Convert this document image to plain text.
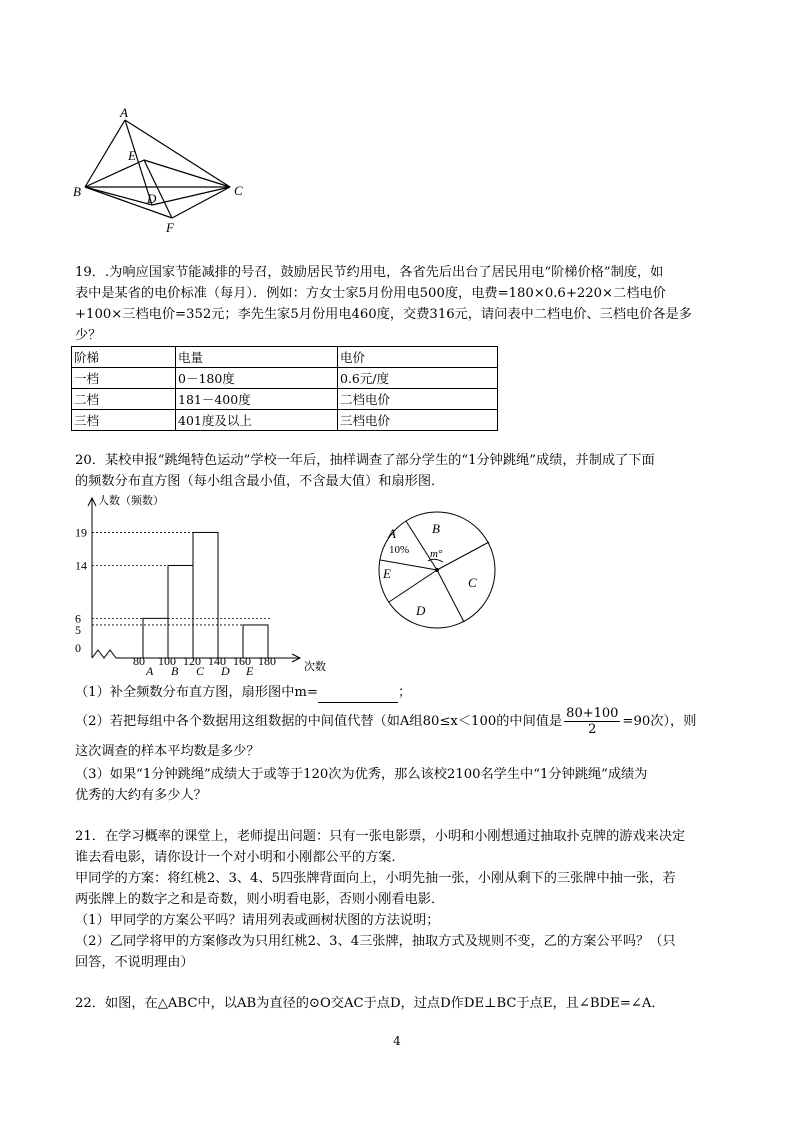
A
E
B	D
C
F
19．.为响应国家节能减排的号召，鼓励居民节约用电，各省先后出台了居民用电“阶梯价格”制度，如
表中是某省的电价标准（每月）．例如：方女士家5月份用电500度，电费=180×0.6+220×二档电价
+100×三档电价=352元；李先生家5月份用电460度，交费316元，请问表中二档电价、三档电价各是多
少？
阶梯	电量	电价
一档	0－180度	0.6元/度
二档	181－400度	二档电价
三档	401度及以上	三档电价
20．某校申报“跳绳特色运动”学校一年后，抽样调查了部分学生的“1分钟跳绳”成绩，并制成了下面
的频数分布直方图（每小组含最小值，不含最大值）和扇形图．
人数（频数）
次数
0
5
6
14
19
80 100 120 140 160 180
A B C D E
A	B
C
D
E
10% m°
（1）补全频数分布直方图，扇形图中m=	；
（2）若把每组中各个数据用这组数据的中间值代替（如A组80≤x＜100的中间值是 $\frac{80+100}{2} =90$次），则
这次调查的样本平均数是多少？
（3）如果“1分钟跳绳”成绩大于或等于120次为优秀，那么该校2100名学生中“1分钟跳绳”成绩为
优秀的大约有多少人？
21．在学习概率的课堂上，老师提出问题：只有一张电影票，小明和小刚想通过抽取扑克牌的游戏来决定
谁去看电影，请你设计一个对小明和小刚都公平的方案．
甲同学的方案：将红桃2、3、4、5四张牌背面向上，小明先抽一张，小刚从剩下的三张牌中抽一张，若
两张牌上的数字之和是奇数，则小明看电影，否则小刚看电影．
（1）甲同学的方案公平吗？请用列表或画树状图的方法说明；
（2）乙同学将甲的方案修改为只用红桃2、3、4三张牌，抽取方式及规则不变，乙的方案公平吗？（只
回答，不说明理由）
22．如图，在△ABC中，以AB为直径的⊙O交AC于点D，过点D作DE⊥BC于点E，且∠BDE=∠A．
4
